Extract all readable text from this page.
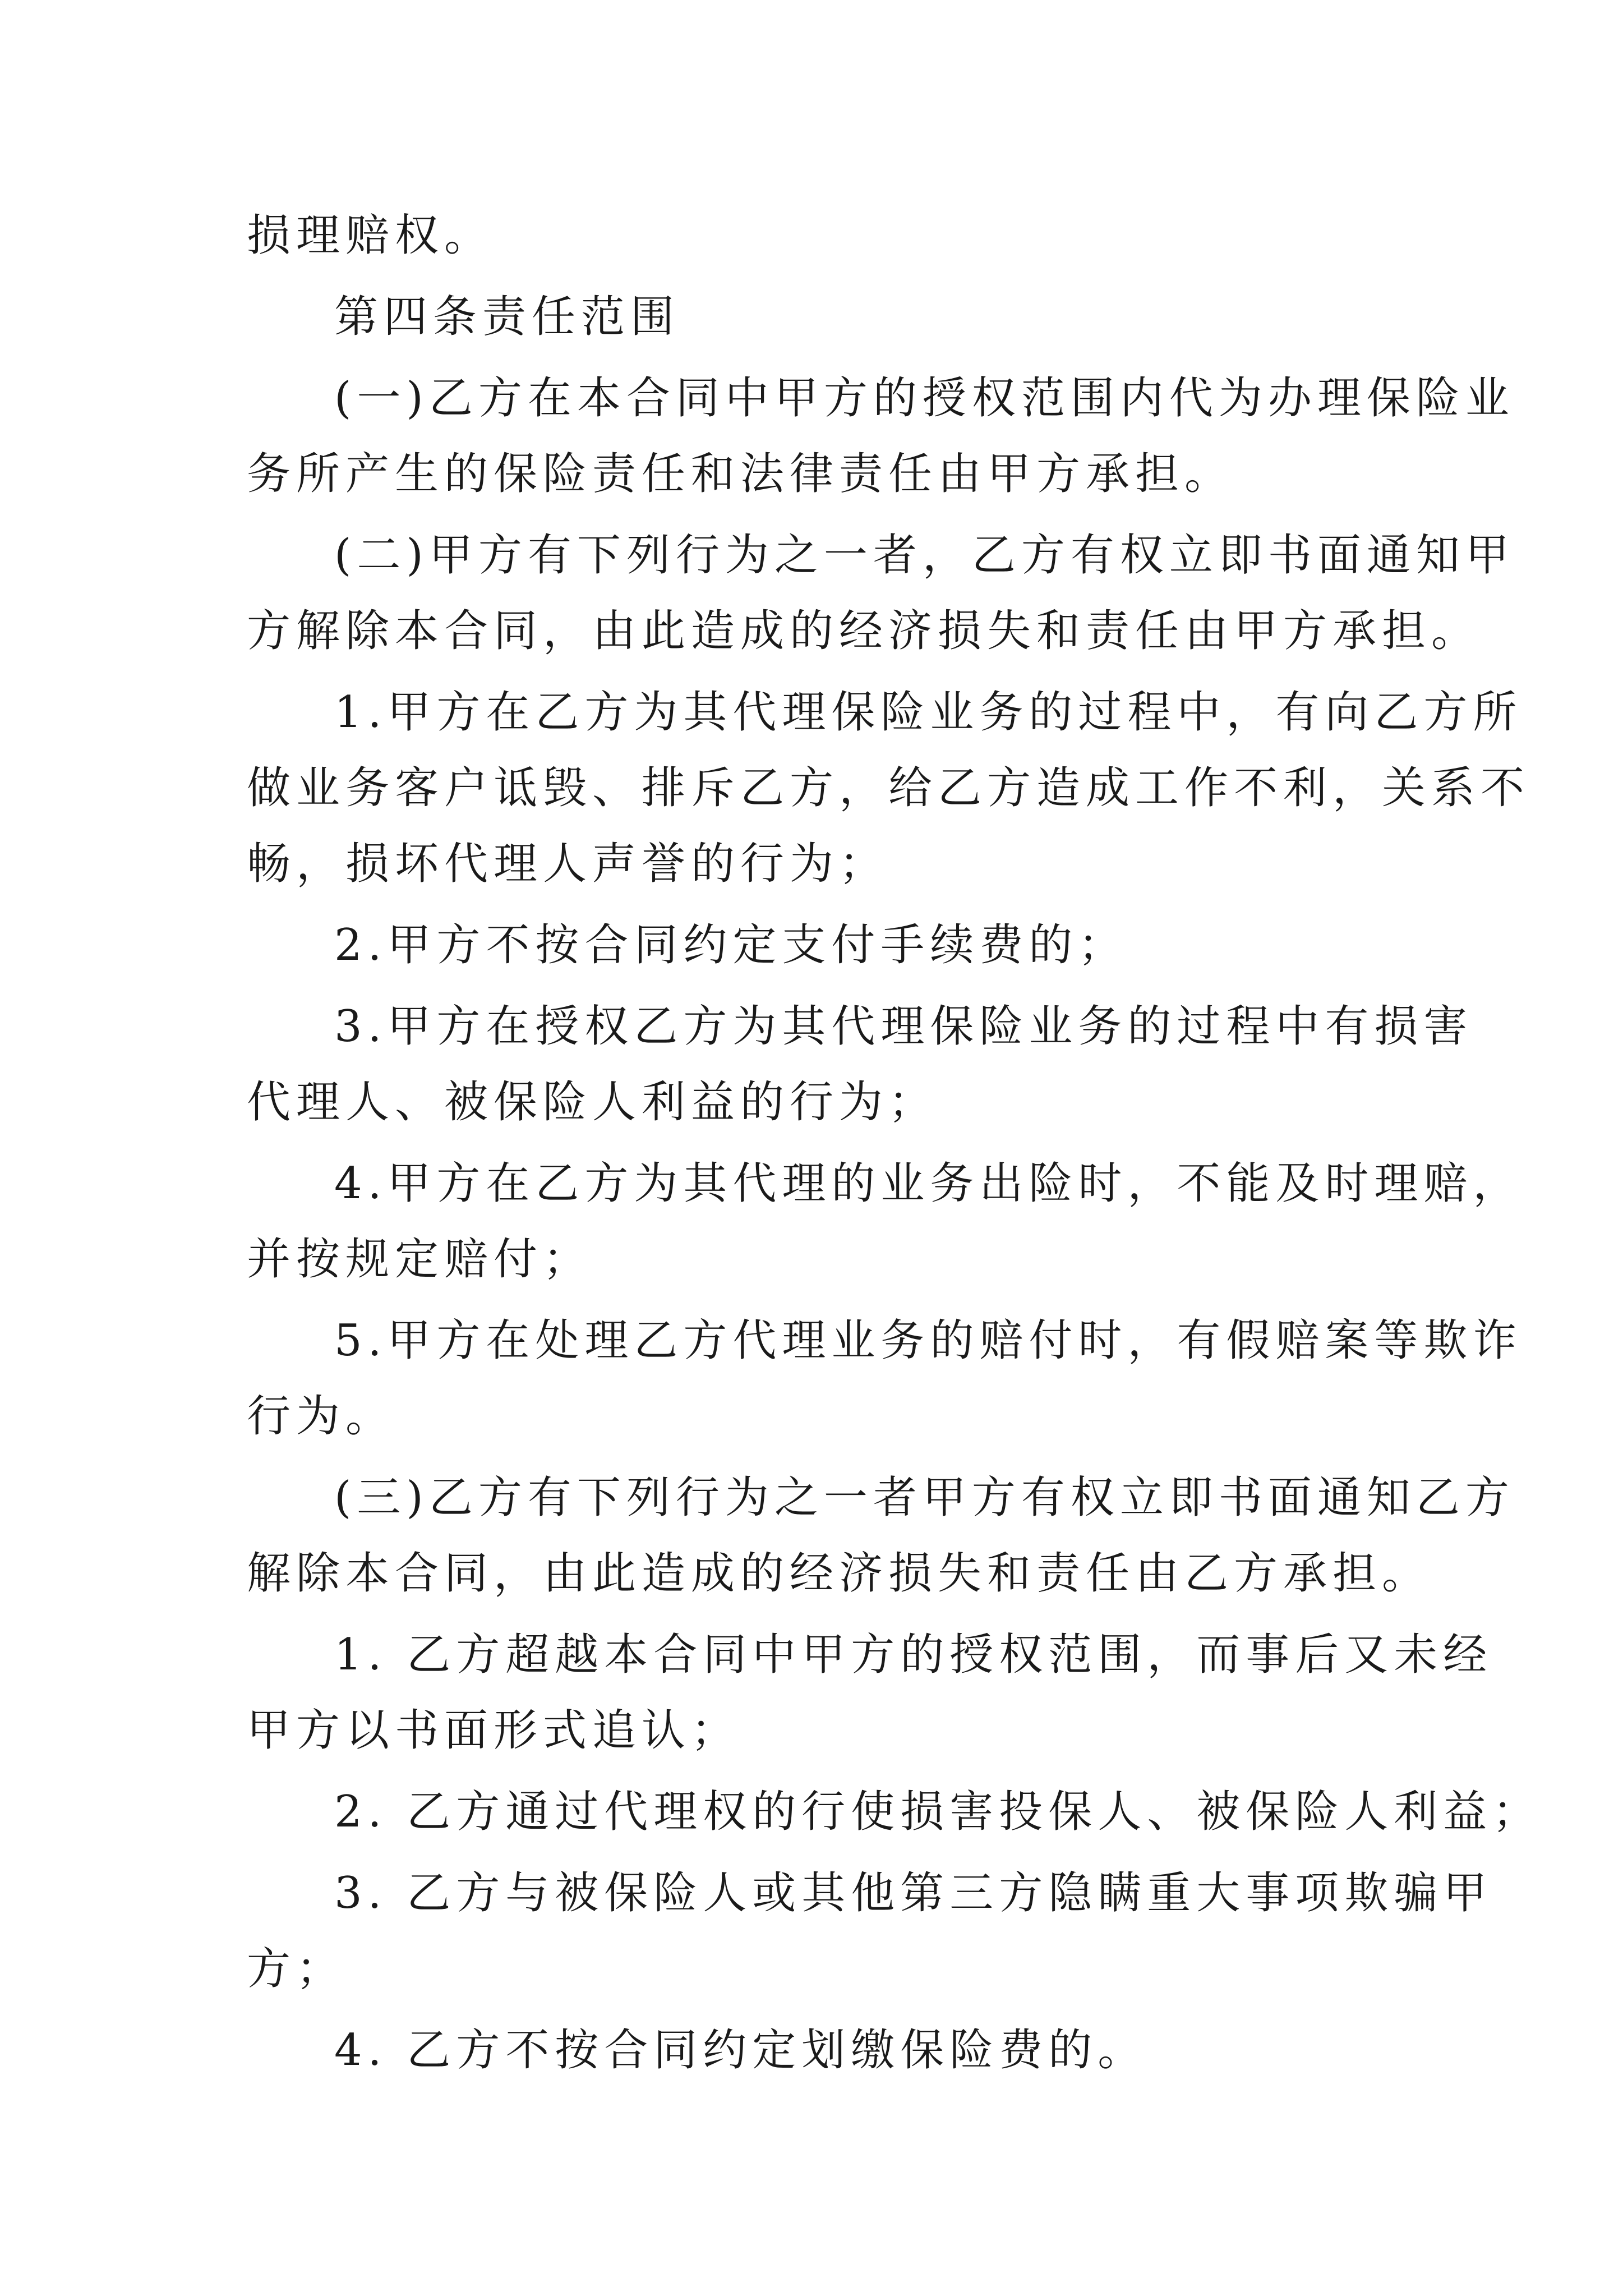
损理赔权。
第四条责任范围
(一)乙方在本合同中甲方的授权范围内代为办理保险业
务所产生的保险责任和法律责任由甲方承担。
(二)甲方有下列行为之一者，乙方有权立即书面通知甲
方解除本合同，由此造成的经济损失和责任由甲方承担。
1.甲方在乙方为其代理保险业务的过程中，有向乙方所
做业务客户诋毁、排斥乙方，给乙方造成工作不利，关系不
畅，损坏代理人声誉的行为；
2.甲方不按合同约定支付手续费的；
3.甲方在授权乙方为其代理保险业务的过程中有损害
代理人、被保险人利益的行为；
4.甲方在乙方为其代理的业务出险时，不能及时理赔，
并按规定赔付；
5.甲方在处理乙方代理业务的赔付时，有假赔案等欺诈
行为。
(三)乙方有下列行为之一者甲方有权立即书面通知乙方
解除本合同，由此造成的经济损失和责任由乙方承担。
1. 乙方超越本合同中甲方的授权范围，而事后又未经
甲方以书面形式追认；
2. 乙方通过代理权的行使损害投保人、被保险人利益；
3. 乙方与被保险人或其他第三方隐瞒重大事项欺骗甲
方；
4. 乙方不按合同约定划缴保险费的。
